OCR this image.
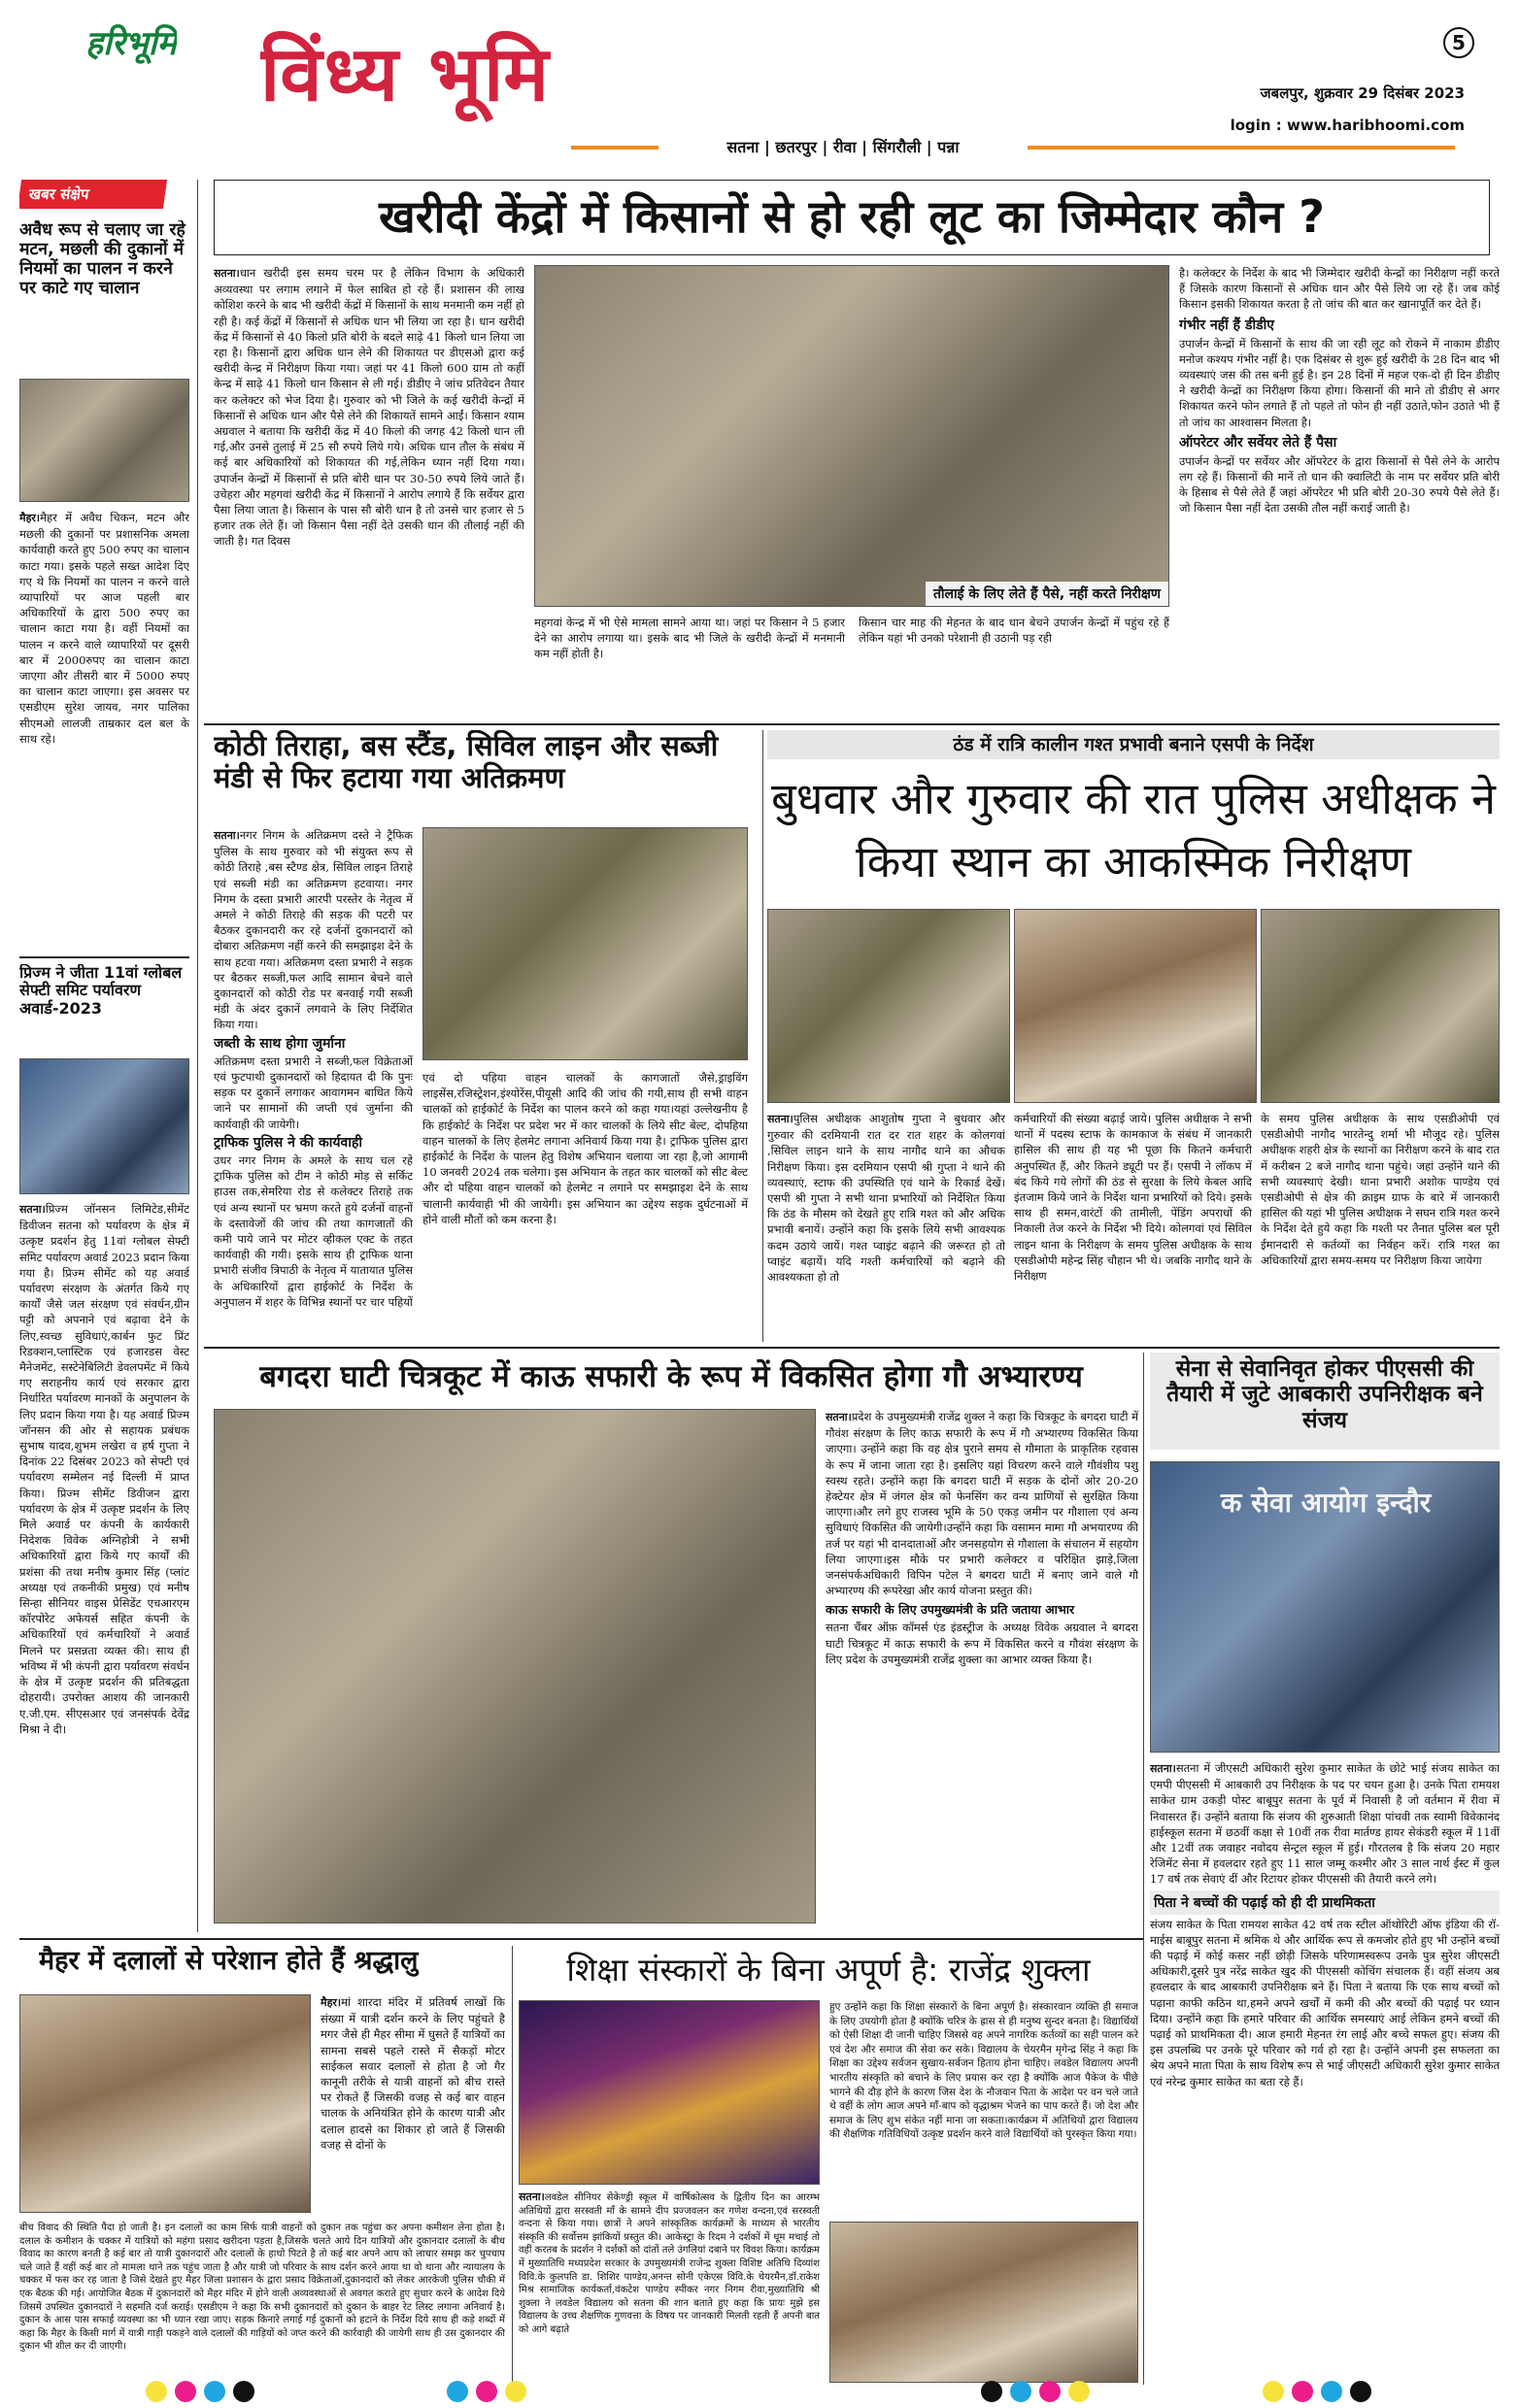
हरिभूमि विंध्य भूमि	5
जबलपुर, शुक्रवार 29 दिसंबर 2023
login : www.haribhoomi.com
सतना | छतरपुर | रीवा | सिंगरौली | पन्ना
खबर संक्षेप
अवैध रूप से चलाए जा रहे मटन, मछली की दुकानों में नियमों का पालन न करने पर काटे गए चालान
मैहर।मैहर में अवैध चिकन, मटन और मछली की दुकानों पर प्रशासनिक अमला कार्यवाही करते हुए 500 रुपए का चालान काटा गया। इसके पहले सख्त आदेश दिए गए थे कि नियमों का पालन न करने वाले व्यापारियों पर आज पहली बार अधिकारियों के द्वारा 500 रुपए का चालान काटा गया है। वहीं नियमों का पालन न करने वाले व्यापारियों पर दूसरी बार में 2000रुपए का चालान काटा जाएगा और तीसरी बार में 5000 रुपए का चालान काटा जाएगा। इस अवसर पर एसडीएम सुरेश जायव, नगर पालिका सीएमओ लालजी ताम्रकार दल बल के साथ रहे।
प्रिज्म ने जीता 11वां ग्लोबल सेफ्टी समिट पर्यावरण अवार्ड-2023
सतना।प्रिज्म जॉनसन लिमिटेड,सीमेंट डिवीजन सतना को पर्यावरण के क्षेत्र में उत्कृष्ट प्रदर्शन हेतु 11वां ग्लोबल सेफ्टी समिट पर्यावरण अवार्ड 2023 प्रदान किया गया है। प्रिज्म सीमेंट को यह अवार्ड पर्यावरण संरक्षण के अंतर्गत किये गए कार्यों जैसे जल संरक्षण एवं संवर्धन,ग्रीन पट्टी को अपनाने एवं बढ़ावा देने के लिए,स्वच्छ सुविधाएं,कार्बन फुट प्रिंट रिडक्शन,प्लास्टिक एवं हजारडस वेस्ट मैनेजमेंट, सस्टेनेबिलिटी डेवलपमेंट में किये गए सराहनीय कार्य एवं सरकार द्वारा निर्धारित पर्यावरण मानकों के अनुपालन के लिए प्रदान किया गया है। यह अवार्ड प्रिज्म जॉनसन की ओर से सहायक प्रबंधक सुभाष यादव,शुभम लखेरा व हर्ष गुप्ता ने दिनांक 22 दिसंबर 2023 को सेफ्टी एवं पर्यावरण सम्मेलन नई दिल्ली में प्राप्त किया। प्रिज्म सीमेंट डिवीजन द्वारा पर्यावरण के क्षेत्र में उत्कृष्ट प्रदर्शन के लिए मिले अवार्ड पर कंपनी के कार्यकारी निदेशक विवेक अग्निहोत्री ने सभी अधिकारियों द्वारा किये गए कार्यों की प्रशंसा की तथा मनीष कुमार सिंह (प्लांट अध्यक्ष एवं तकनीकी प्रमुख) एवं मनीष सिन्हा सीनियर वाइस प्रेसिडेंट एचआरएम कॉरपोरेट अफेयर्स सहित कंपनी के अधिकारियों एवं कर्मचारियों ने अवार्ड मिलने पर प्रसन्नता व्यक्त की। साथ ही भविष्य में भी कंपनी द्वारा पर्यावरण संवर्धन के क्षेत्र में उत्कृष्ट प्रदर्शन की प्रतिबद्धता दोहरायी। उपरोक्त आशय की जानकारी ए.जी.एम. सीएसआर एवं जनसंपर्क देवेंद्र मिश्रा ने दी।
खरीदी केंद्रों में किसानों से हो रही लूट का जिम्मेदार कौन ?
सतना।धान खरीदी इस समय चरम पर है लेकिन विभाग के अधिकारी अव्यवस्था पर लगाम लगाने में फेल साबित हो रहे हैं। प्रशासन की लाख कोशिश करने के बाद भी खरीदी केंद्रों में किसानों के साथ मनमानी कम नहीं हो रही है। कई केंद्रों में किसानों से अधिक धान भी लिया जा रहा है। धान खरीदी केंद्र में किसानों से 40 किलो प्रति बोरी के बदले साढ़े 41 किलो धान लिया जा रहा है। किसानों द्वारा अधिक धान लेने की शिकायत पर डीएसओ द्वारा कई खरीदी केन्द्र में निरीक्षण किया गया। जहां पर 41 किलो 600 ग्राम तो कहीं केन्द्र में साढ़े 41 किलो धान किसान से ली गई। डीडीए ने जांच प्रतिवेदन तैयार कर कलेक्टर को भेज दिया है। गुरुवार को भी जिले के कई खरीदी केन्द्रों में किसानों से अधिक धान और पैसे लेने की शिकायतें सामने आईं। किसान श्याम अग्रवाल ने बताया कि खरीदी केंद्र में 40 किलो की जगह 42 किलो धान ली गई,और उनसे तुलाई में 25 सौ रुपये लिये गये। अधिक धान तौल के संबंध में कई बार अधिकारियों को शिकायत की गई,लेकिन ध्यान नहीं दिया गया। उपार्जन केन्द्रों में किसानों से प्रति बोरी धान पर 30-50 रुपये लिये जाते हैं। उचेहरा और महगवां खरीदी केंद्र में किसानों ने आरोप लगाये हैं कि सर्वेयर द्वारा पैसा लिया जाता है। किसान के पास सौ बोरी धान है तो उनसे चार हजार से 5 हजार तक लेते हैं। जो किसान पैसा नहीं देते उसकी धान की तौलाई नहीं की जाती है। गत दिवस
तौलाई के लिए लेते हैं पैसे, नहीं करते निरीक्षण
महगवां केन्द्र में भी ऐसे मामला सामने आया था। जहां पर किसान ने 5 हजार देने का आरोप लगाया था। इसके बाद भी जिले के खरीदी केन्द्रों में मनमानी कम नहीं होती है।
किसान चार माह की मेहनत के बाद धान बेचने उपार्जन केन्द्रों में पहुंच रहे हैं लेकिन यहां भी उनको परेशानी ही उठानी पड़ रही
है। कलेक्टर के निर्देश के बाद भी जिम्मेदार खरीदी केन्द्रों का निरीक्षण नहीं करते हैं जिसके कारण किसानों से अधिक धान और पैसे लिये जा रहे हैं। जब कोई किसान इसकी शिकायत करता है तो जांच की बात कर खानापूर्ति कर देते हैं।
गंभीर नहीं हैं डीडीए
उपार्जन केन्द्रों में किसानों के साथ की जा रही लूट को रोकने में नाकाम डीडीए मनोज कश्यप गंभीर नहीं है। एक दिसंबर से शुरू हुई खरीदी के 28 दिन बाद भी व्यवस्थाएं जस की तस बनी हुई है। इन 28 दिनों में महज एक-दो ही दिन डीडीए ने खरीदी केन्द्रों का निरीक्षण किया होगा। किसानों की माने तो डीडीए से अगर शिकायत करने फोन लगाते हैं तो पहले तो फोन ही नहीं उठाते,फोन उठाते भी हैं तो जांच का आश्वासन मिलता है।
ऑपरेटर और सर्वेयर लेते हैं पैसा
उपार्जन केन्द्रों पर सर्वेयर और ऑपरेटर के द्वारा किसानों से पैसे लेने के आरोप लग रहे हैं। किसानों की मानें तो धान की क्वालिटी के नाम पर सर्वेयर प्रति बोरी के हिसाब से पैसे लेते हैं जहां ऑपरेटर भी प्रति बोरी 20-30 रुपये पैसे लेते हैं। जो किसान पैसा नहीं देता उसकी तौल नहीं कराई जाती है।
कोठी तिराहा, बस स्टैंड, सिविल लाइन और सब्जी मंडी से फिर हटाया गया अतिक्रमण
सतना।नगर निगम के अतिक्रमण दस्ते ने ट्रैफिक पुलिस के साथ गुरुवार को भी संयुक्त रूप से कोठी तिराहे ,बस स्टैण्ड क्षेत्र, सिविल लाइन तिराहे एवं सब्जी मंडी का अतिक्रमण हटवाया। नगर निगम के दस्ता प्रभारी आरपी परस्तेर के नेतृत्व में अमले ने कोठी तिराहे की सड़क की पटरी पर बैठकर दुकानदारी कर रहे दर्जनों दुकानदारों को दोबारा अतिक्रमण नहीं करने की समझाइश देने के साथ हटवा गया। अतिक्रमण दस्ता प्रभारी ने सड़क पर बैठकर सब्जी,फल आदि सामान बेचने वाले दुकानदारों को कोठी रोड पर बनवाई गयी सब्जी मंडी के अंदर दुकानें लगवाने के लिए निर्देशित किया गया।
जब्ती के साथ होगा जुर्माना
अतिक्रमण दस्ता प्रभारी ने सब्जी,फल विक्रेताओं एवं फुटपाथी दुकानदारों को हिदायत दी कि पुनः सड़क पर दुकानें लगाकर आवागमन बाधित किये जाने पर सामानों की जप्ती एवं जुर्माना की कार्यवाही की जायेगी।
ट्राफिक पुलिस ने की कार्यवाही
उधर नगर निगम के अमले के साथ चल रहे ट्राफिक पुलिस को टीम ने कोठी मोड़ से सर्किट हाउस तक,सेमरिया रोड से कलेक्टर तिराहे तक एवं अन्य स्थानों पर भ्रमण करते हुये दर्जनों वाहनों के दस्तावेजों की जांच की तथा कागजातों की कमी पाये जाने पर मोटर व्हीकल एक्ट के तहत कार्यवाही की गयी। इसके साथ ही ट्राफिक थाना प्रभारी संजीव त्रिपाठी के नेतृत्व में यातायात पुलिस के अधिकारियों द्वारा हाईकोर्ट के निर्देश के अनुपालन में शहर के विभिन्न स्थानों पर चार पहियों
एवं दो पहिया वाहन चालकों के कागजातों जैसे,ड्राइविंग लाइसेंस,रजिस्ट्रेशन,इंश्योरेंस,पीयूसी आदि की जांच की गयी,साथ ही सभी वाहन चालकों को हाईकोर्ट के निर्देश का पालन करने को कहा गया।यहां उल्लेखनीय है कि हाईकोर्ट के निर्देश पर प्रदेश भर में कार चालकों के लिये सीट बेल्ट, दोपहिया वाहन चालकों के लिए हेलमेट लगाना अनिवार्य किया गया है। ट्राफिक पुलिस द्वारा हाईकोर्ट के निर्देश के पालन हेतु विशेष अभियान चलाया जा रहा है,जो आगामी 10 जनवरी 2024 तक चलेगा। इस अभियान के तहत कार चालकों को सीट बेल्ट और दो पहिया वाहन चालकों को हेलमेट न लगाने पर समझाइश देने के साथ चालानी कार्यवाही भी की जायेगी। इस अभियान का उद्देश्य सड़क दुर्घटनाओं में होने वाली मौतों को कम करना है।
ठंड में रात्रि कालीन गश्त प्रभावी बनाने एसपी के निर्देश
बुधवार और गुरुवार की रात पुलिस अधीक्षक ने किया स्थान का आकस्मिक निरीक्षण
सतना।पुलिस अधीक्षक आशुतोष गुप्ता ने बुधवार और गुरुवार की दरमियानी रात दर रात शहर के कोलगवां ,सिविल लाइन थाने के साथ नागौद थाने का औचक निरीक्षण किया। इस दरमियान एसपी श्री गुप्ता ने थाने की व्यवस्थाएं, स्टाफ की उपस्थिति एवं थाने के रिकार्ड देखें। एसपी श्री गुप्ता ने सभी थाना प्रभारियों को निर्देशित किया कि ठंड के मौसम को देखते हुए रात्रि गश्त को और अधिक प्रभावी बनायें। उन्होंने कहा कि इसके लिये सभी आवश्यक कदम उठाये जायें। गश्त प्वाइंट बढ़ाने की जरूरत हो तो प्वाइंट बढ़ायें। यदि गश्ती कर्मचारियों को बढ़ाने की आवश्यकता हो तो
कर्मचारियों की संख्या बढ़ाई जाये। पुलिस अधीक्षक ने सभी थानों में पदस्थ स्टाफ के कामकाज के संबंध में जानकारी हासिल की साथ ही यह भी पूछा कि कितने कर्मचारी अनुपस्थित हैं, और कितने ड्यूटी पर हैं। एसपी ने लॉकप में बंद किये गये लोगों की ठंड से सुरक्षा के लिये केबल आदि इंतजाम किये जाने के निर्देश थाना प्रभारियों को दिये। इसके साथ ही समन,वारंटों की तामीली, पेंडिंग अपराधों की निकाली तेज करने के निर्देश भी दिये। कोलगवां एवं सिविल लाइन थाना के निरीक्षण के समय पुलिस अधीक्षक के साथ एसडीओपी महेन्द्र सिंह चौहान भी थे। जबकि नागौद थाने के निरीक्षण
के समय पुलिस अधीक्षक के साथ एसडीओपी एवं एसडीओपी नागौद भारतेन्दु शर्मा भी मौजूद रहे। पुलिस अधीक्षक शहरी क्षेत्र के स्थानों का निरीक्षण करने के बाद रात में करीबन 2 बजे नागौद थाना पहुंचे। जहां उन्होंने थाने की सभी व्यवस्थाएं देखी। थाना प्रभारी अशोक पाण्डेय एवं एसडीओपी से क्षेत्र की क्राइम ग्राफ के बारे में जानकारी हासिल की यहां भी पुलिस अधीक्षक ने सघन रात्रि गश्त करने के निर्देश देते हुये कहा कि गश्ती पर तैनात पुलिस बल पूरी ईमानदारी से कर्तव्यों का निर्वहन करें। रात्रि गश्त का अधिकारियों द्वारा समय-समय पर निरीक्षण किया जायेगा
बगदरा घाटी चित्रकूट में काऊ सफारी के रूप में विकसित होगा गौ अभ्यारण्य
सतना।प्रदेश के उपमुख्यमंत्री राजेंद्र शुक्ल ने कहा कि चित्रकूट के बगदरा घाटी में गौवंश संरक्षण के लिए काऊ सफारी के रूप में गौ अभ्यारण्य विकसित किया जाएगा। उन्होंने कहा कि वह क्षेत्र पुराने समय से गौमाता के प्राकृतिक रहवास के रूप में जाना जाता रहा है। इसलिए यहां विचरण करने वाले गौवंशीय पशु स्वस्थ रहते। उन्होंने कहा कि बगदरा घाटी में सड़क के दोनों ओर 20-20 हेक्टेयर क्षेत्र में जंगल क्षेत्र को फेनसिंग कर वन्य प्राणियों से सुरक्षित किया जाएगा।और लगे हुए राजस्व भूमि के 50 एकड़ जमीन पर गौशाला एवं अन्य सुविधाएं विकसित की जायेगी।उन्होंने कहा कि वसामन मामा गौ अभयारण्य की तर्ज पर यहां भी दानदाताओं और जनसहयोग से गौशाला के संचालन में सहयोग लिया जाएगा।इस मौके पर प्रभारी कलेक्टर व परिक्षित झाड़े,जिला जनसंपर्कअधिकारी विपिन पटेल ने बगदरा घाटी में बनाए जाने वाले गौ अभ्यारण्य की रूपरेखा और कार्य योजना प्रस्तुत की।
काऊ सफारी के लिए उपमुख्यमंत्री के प्रति जताया आभार
सतना चैंबर ऑफ़ कॉमर्स एंड इंडस्ट्रीज के अध्यक्ष विवेक अग्रवाल ने बगदरा घाटी चित्रकूट में काऊ सफारी के रूप में विकसित करने व गौवंश संरक्षण के लिए प्रदेश के उपमुख्यमंत्री राजेंद्र शुक्ला का आभार व्यक्त किया है।
सेना से सेवानिवृत होकर पीएससी की तैयारी में जुटे आबकारी उपनिरीक्षक बने संजय
क सेवा आयोग इन्दौर
सतना।सतना में जीएसटी अधिकारी सुरेश कुमार साकेत के छोटे भाई संजय साकेत का एमपी पीएससी में आबकारी उप निरीक्षक के पद पर चयन हुआ है। उनके पिता रामयश साकेत ग्राम उकड़ी पोस्ट बाबूपुर सतना के पूर्व में निवासी है जो वर्तमान में रीवा में निवासरत हैं। उन्होंने बताया कि संजय की शुरुआती शिक्षा पांचवी तक स्वामी विवेकानंद हाईस्कूल सतना में छठवीं कक्षा से 10वीं तक रीवा मार्तण्ड हायर सेकंडरी स्कूल में 11वीं और 12वीं तक जवाहर नवोदय सेन्ट्रल स्कूल में हुई। गौरतलब है कि संजय 20 महार रेजिमेंट सेना में हवलदार रहते हुए 11 साल जम्मू कश्मीर और 3 साल नार्थ ईस्ट में कुल 17 वर्ष तक सेवाएं दीं और रिटायर होकर पीएससी की तैयारी करने लगे।
पिता ने बच्चों की पढ़ाई को ही दी प्राथमिकता
संजय साकेत के पिता रामयश साकेत 42 वर्ष तक स्टील ऑथोरिटी ऑफ इंडिया की रॉ-माईस बाबूपुर सतना में श्रमिक थे और आर्थिक रूप से कमजोर होते हुए भी उन्होंने बच्चों की पढ़ाई में कोई कसर नहीं छोड़ी जिसके परिणामस्वरूप उनके पुत्र सुरेश जीएसटी अधिकारी,दूसरे पुत्र नरेंद्र साकेत खुद की पीएससी कोचिंग संचालक हैं। वहीं संजय अब हवलदार के बाद आबकारी उपनिरीक्षक बने हैं। पिता ने बताया कि एक साथ बच्चों को पढ़ाना काफी कठिन था,हमने अपने खर्चों में कमी की और बच्चों की पढ़ाई पर ध्यान दिया। उन्होंने कहा कि हमारे परिवार की आर्थिक समस्याएं आई लेकिन हमने बच्चों की पढ़ाई को प्राथमिकता दी। आज हमारी मेहनत रंग लाई और बच्चे सफल हुए। संजय की इस उपलब्धि पर उनके पूरे परिवार को गर्व हो रहा है। उन्होंने अपनी इस सफलता का श्रेय अपने माता पिता के साथ विशेष रूप से भाई जीएसटी अधिकारी सुरेश कुमार साकेत एवं नरेन्द्र कुमार साकेत का बता रहे हैं।
मैहर में दलालों से परेशान होते हैं श्रद्धालु
मैहर।मां शारदा मंदिर में प्रतिवर्ष लाखों कि संख्या में यात्री दर्शन करने के लिए पहुंचते है मगर जैसे ही मैहर सीमा में घुसते हैं यात्रियों का सामना सबसे पहले रास्ते में सैकड़ों मोटर साईकल सवार दलालों से होता है जो गैर कानूनी तरीके से यात्री वाहनों को बीच रास्ते पर रोकते हैं जिसकी वजह से कई बार वाहन चालक के अनियंत्रित होने के कारण यात्री और दलाल हादसे का शिकार हो जाते हैं जिसकी वजह से दोनों के
बीच विवाद की स्थिति पैदा हो जाती है। इन दलालों का काम सिर्फ यात्री वाहनों को दुकान तक पहुंचा कर अपना कमीशन लेना होता है। दलाल के कमीशन के चक्कर में यात्रियों को महंगा प्रसाद खरीदना पड़ता है,जिसके चलते आये दिन यात्रियों और दुकानदार दलालों के बीच विवाद का कारण बनती है कई बार तो यात्री दुकानदारों और दलालों के हाथो पिटते है तो कई बार अपने आप को लाचार समझ कर चुपचाप चले जाते हैं वहीं कई बार तो मामला थाने तक पहुंच जाता है और यात्री जो परिवार के साथ दर्शन करने आया था वो थाना और न्यायालय के चक्कर में फस कर रह जाता है जिसे देखते हुए मैहर जिला प्रशासन के द्वारा प्रसाद विक्रेताओं,दुकानदारों को लेकर आरकेजी पुलिस चौकी में एक बैठक की गई। आयोजित बैठक में दुकानदारों को मैहर मंदिर में होने वाली अव्यवस्थाओं से अवगत कराते हुए सुधार करने के आदेश दिये जिसमें उपस्थित दुकानदारों ने सहमति दर्ज कराई। एसडीएम ने कहा कि सभी दुकानदारों को दुकान के बाहर रेट लिस्ट लगाना अनिवार्य है। दुकान के आस पास सफाई व्यवस्था का भी ध्यान रखा जाए। सड़क किनारे लगाई गई दुकानों को हटाने के निर्देश दिये साथ ही कड़े शब्दों में कहा कि मैहर के किसी मार्ग में यात्री गाड़ी पकड़ने वाले दलालों की गाड़ियों को जप्त करने की कार्रवाही की जायेगी साथ ही उस दुकानदार की दुकान भी शील कर दी जाएगी।
शिक्षा संस्कारों के बिना अपूर्ण है: राजेंद्र शुक्ला
हुए उन्होंने कहा कि शिक्षा संस्कारों के बिना अपूर्ण है। संस्कारवान व्यक्ति ही समाज के लिए उपयोगी होता है क्योंकि चरित्र के ह्रास से ही मनुष्य सुन्दर बनता है। विद्यार्थियों को ऐसी शिक्षा दी जानी चाहिए जिससे वह अपने नागरिक कर्तव्यों का सही पालन करे एवं देश और समाज की सेवा कर सके। विद्यालय के चेयरमैन मृगेन्द्र सिंह ने कहा कि शिक्षा का उद्देश्य सर्वजन सुखाय-सर्वजन हिताय होना चाहिए। लवडेल विद्यालय अपनी भारतीय संस्कृति को बचाने के लिए प्रयास कर रहा है क्योंकि आज पैकेज के पीछे भागने की दौड़ होने के कारण जिस देश के नौजवान पिता के आदेश पर वन चले जाते थे वहीं के लोग आज अपने माँ-बाप को वृद्धाश्रम भेजने का पाप करते हैं। जो देश और समाज के लिए शुभ संकेत नहीं माना जा सकता।कार्यक्रम में अतिथियों द्वारा विद्यालय की शैक्षणिक गतिविधियों उत्कृष्ट प्रदर्शन करने वाले विद्यार्थियों को पुरस्कृत किया गया।
सतना।लवडेल सीनियर सेकेण्ड्री स्कूल में वार्षिकोत्सव के द्वितीय दिन का आरम्भ अतिथियों द्वारा सरस्वती माँ के सामने दीप प्रज्जवलन कर गणेश वन्दना,एवं सरस्वती वन्दना से किया गया। छात्रों ने अपने सांस्कृतिक कार्यक्रमों के माध्यम से भारतीय संस्कृति की सर्वोत्तम झांकियों प्रस्तुत की। आकेस्ट्रा के रिदम ने दर्शकों में धूम मचाई तो वहीं करतब के प्रदर्शन ने दर्शकों को दांतों तले उंगलियां दबाने पर विवश किया। कार्यक्रम में मुख्यातिथि मध्यप्रदेश सरकार के उपमुख्यमंत्री राजेन्द्र शुक्ला विशिष्ट अतिथि दिव्यांश विवि.के कुलपति डा. शिशिर पाण्डेय,अनन्त सोनी एकेएस विवि.के चेयरमैन,डॉ.राकेश मिश्र सामाजिक कार्यकर्ता,वंकटेश पाण्डेय स्पीकर नगर निगम रीवा,मुख्यातिथि श्री शुक्ला ने लवडेल विद्यालय को सतना की शान बताते हुए कहा कि प्रायः मुझे इस विद्यालय के उच्च शैक्षणिक गुणवत्ता के विषय पर जानकारी मिलती रहती हैं अपनी बात को आगे बढ़ाते
